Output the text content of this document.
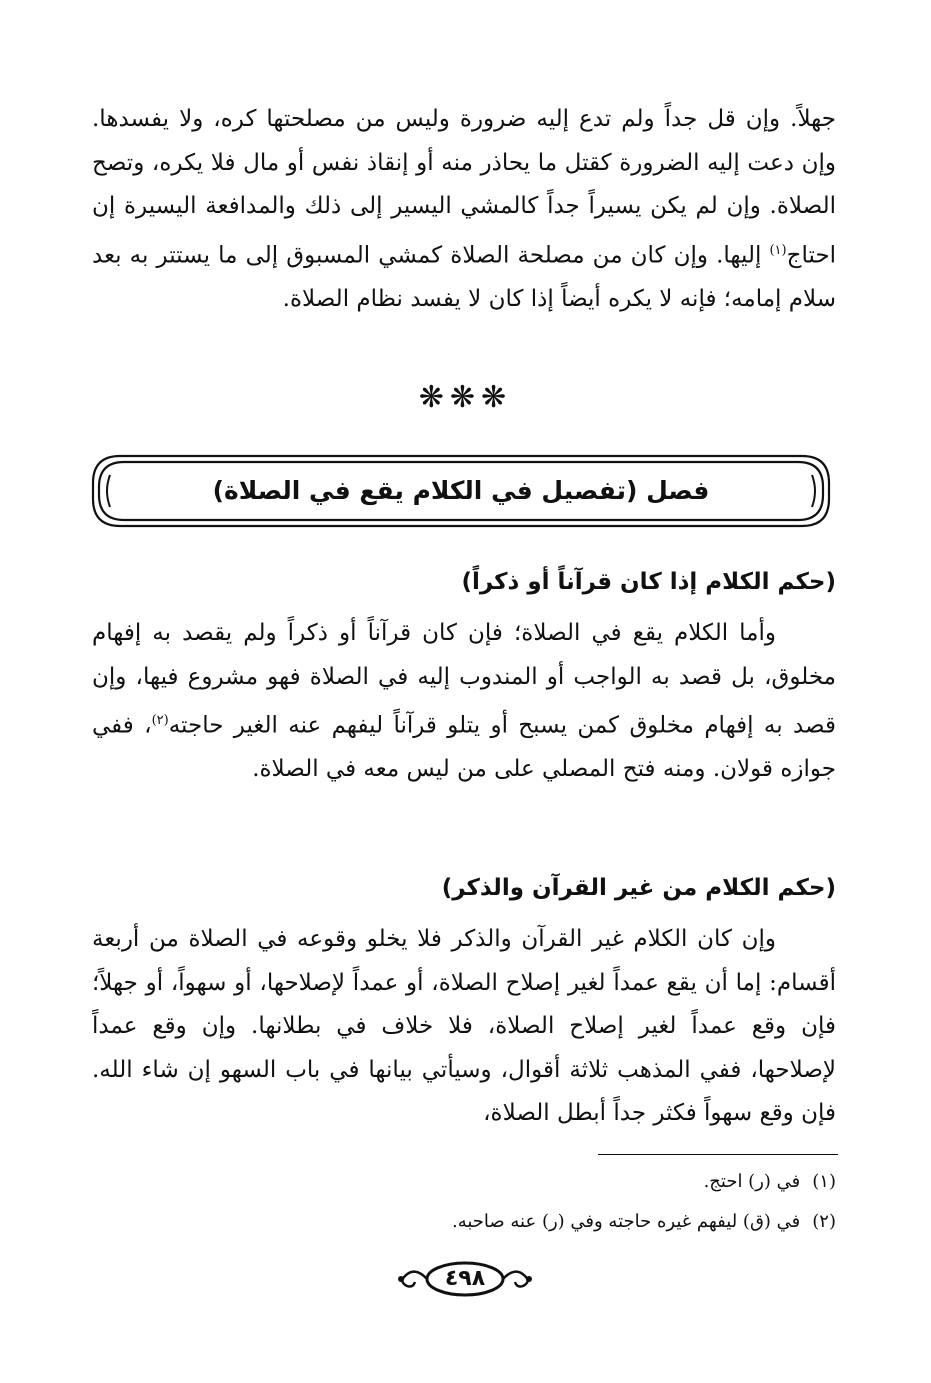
جهلاً. وإن قل جداً ولم تدع إليه ضرورة وليس من مصلحتها كره، ولا يفسدها. وإن دعت إليه الضرورة كقتل ما يحاذر منه أو إنقاذ نفس أو مال فلا يكره، وتصح الصلاة. وإن لم يكن يسيراً جداً كالمشي اليسير إلى ذلك والمدافعة اليسيرة إن احتاج$^{(١)}$ إليها. وإن كان من مصلحة الصلاة كمشي المسبوق إلى ما يستتر به بعد سلام إمامه؛ فإنه لا يكره أيضاً إذا كان لا يفسد نظام الصلاة.

❋❋❋

فصل (تفصيل في الكلام يقع في الصلاة)

(حكم الكلام إذا كان قرآناً أو ذكراً)

وأما الكلام يقع في الصلاة؛ فإن كان قرآناً أو ذكراً ولم يقصد به إفهام مخلوق، بل قصد به الواجب أو المندوب إليه في الصلاة فهو مشروع فيها، وإن قصد به إفهام مخلوق كمن يسبح أو يتلو قرآناً ليفهم عنه الغير حاجته$^{(٢)}$، ففي جوازه قولان. ومنه فتح المصلي على من ليس معه في الصلاة.

(حكم الكلام من غير القرآن والذكر)

وإن كان الكلام غير القرآن والذكر فلا يخلو وقوعه في الصلاة من أربعة أقسام: إما أن يقع عمداً لغير إصلاح الصلاة، أو عمداً لإصلاحها، أو سهواً، أو جهلاً؛ فإن وقع عمداً لغير إصلاح الصلاة، فلا خلاف في بطلانها. وإن وقع عمداً لإصلاحها، ففي المذهب ثلاثة أقوال، وسيأتي بيانها في باب السهو إن شاء الله. فإن وقع سهواً فكثر جداً أبطل الصلاة،

(١)في (ر) احتج.

(٢)في (ق) ليفهم غيره حاجته وفي (ر) عنه صاحبه.

٤٩٨
